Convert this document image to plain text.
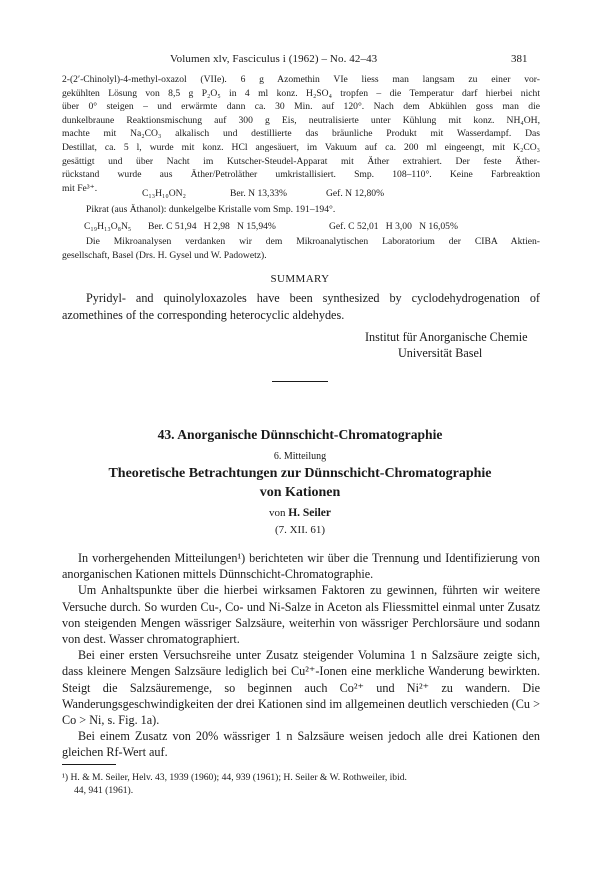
Volumen xlv, Fasciculus i (1962) – No. 42–43	381

2-(2′-Chinolyl)-4-methyl-oxazol (VIIe). 6 g Azomethin VIe liess man langsam zu einer vor-

gekühlten Lösung von 8,5 g P₂O₅ in 4 ml konz. H₂SO₄ tropfen – die Temperatur darf hierbei nicht

über 0° steigen – und erwärmte dann ca. 30 Min. auf 120°. Nach dem Abkühlen goss man die

dunkelbraune Reaktionsmischung auf 300 g Eis, neutralisierte unter Kühlung mit konz. NH₄OH,

machte mit Na₂CO₃ alkalisch und destillierte das bräunliche Produkt mit Wasserdampf. Das

Destillat, ca. 5 l, wurde mit konz. HCl angesäuert, im Vakuum auf ca. 200 ml eingeengt, mit K₂CO₃

gesättigt und über Nacht im Kutscher-Steudel-Apparat mit Äther extrahiert. Der feste Äther-

rückstand wurde aus Äther/Petroläther umkristallisiert. Smp. 108–110°. Keine Farbreaktion

mit Fe³⁺.	C₁₃H₁₀ON₂	Ber. N 13,33%	Gef. N 12,80%
Pikrat (aus Äthanol): dunkelgelbe Kristalle vom Smp. 191–194°.
C₁₉H₁₃O₈N₅ Ber. C 51,94   H 2,98   N 15,94%	Gef. C 52,01   H 3,00   N 16,05%

Die Mikroanalysen verdanken wir dem Mikroanalytischen Laboratorium der CIBA Aktien-

gesellschaft, Basel (Drs. H. Gysel und W. Padowetz).

SUMMARY
Pyridyl- and quinolyloxazoles have been synthesized by cyclodehydrogenation of azomethines of the corresponding heterocyclic aldehydes.
Institut für Anorganische Chemie
Universität Basel
43. Anorganische Dünnschicht-Chromatographie
6. Mitteilung
Theoretische Betrachtungen zur Dünnschicht-Chromatographie
von Kationen
von H. Seiler
(7. XII. 61)

In vorhergehenden Mitteilungen¹) berichteten wir über die Trennung und Identifizierung von anorganischen Kationen mittels Dünnschicht-Chromatographie.

Um Anhaltspunkte über die hierbei wirksamen Faktoren zu gewinnen, führten wir weitere Versuche durch. So wurden Cu-, Co- und Ni-Salze in Aceton als Fliessmittel einmal unter Zusatz von steigenden Mengen wässriger Salzsäure, weiterhin von wässriger Perchlorsäure und sodann von dest. Wasser chromatographiert.

Bei einer ersten Versuchsreihe unter Zusatz steigender Volumina 1 n Salzsäure zeigte sich, dass kleinere Mengen Salzsäure lediglich bei Cu²⁺-Ionen eine merkliche Wanderung bewirkten. Steigt die Salzsäuremenge, so beginnen auch Co²⁺ und Ni²⁺ zu wandern. Die Wanderungsgeschwindigkeiten der drei Kationen sind im allgemeinen deutlich verschieden (Cu > Co > Ni, s. Fig. 1a).

Bei einem Zusatz von 20% wässriger 1 n Salzsäure weisen jedoch alle drei Kationen den gleichen Rf-Wert auf.

¹) H. & M. Seiler, Helv. 43, 1939 (1960); 44, 939 (1961); H. Seiler & W. Rothweiler, ibid.
44, 941 (1961).
